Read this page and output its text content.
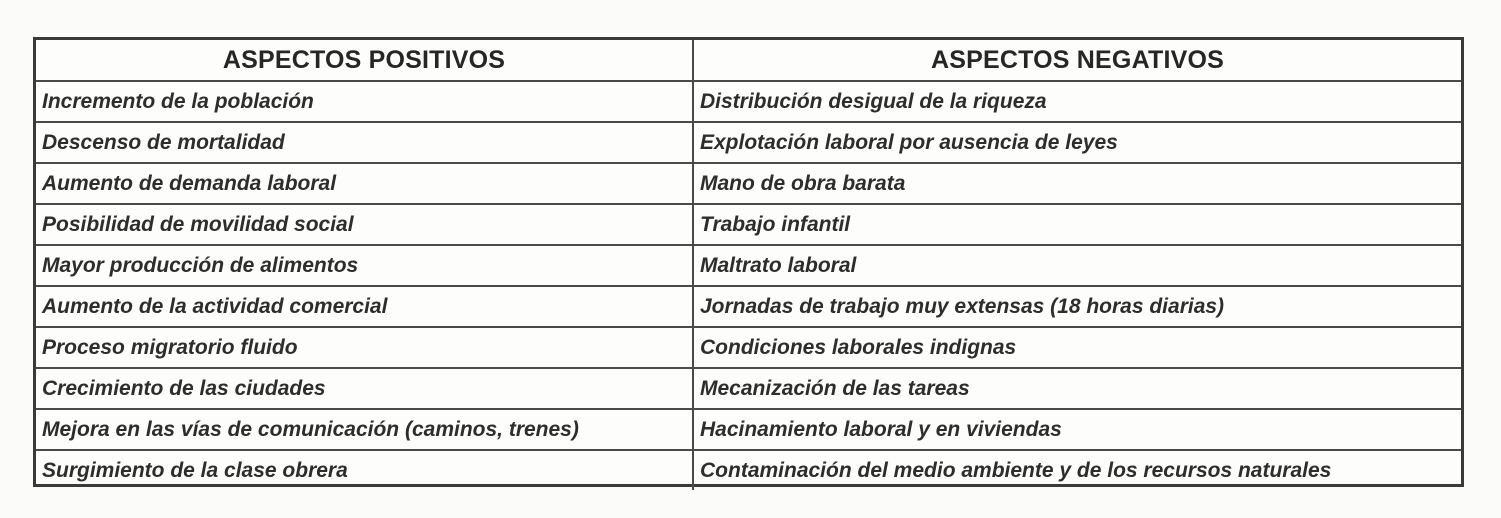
ASPECTOS POSITIVOS	ASPECTOS NEGATIVOS
Incremento de la población	Distribución desigual de la riqueza
Descenso de mortalidad	Explotación laboral por ausencia de leyes
Aumento de demanda laboral	Mano de obra barata
Posibilidad de movilidad social	Trabajo infantil
Mayor producción de alimentos	Maltrato laboral
Aumento de la actividad comercial	Jornadas de trabajo muy extensas (18 horas diarias)
Proceso migratorio fluido	Condiciones laborales indignas
Crecimiento de las ciudades	Mecanización de las tareas
Mejora en las vías de comunicación (caminos, trenes)	Hacinamiento laboral y en viviendas
Surgimiento de la clase obrera	Contaminación del medio ambiente y de los recursos naturales
